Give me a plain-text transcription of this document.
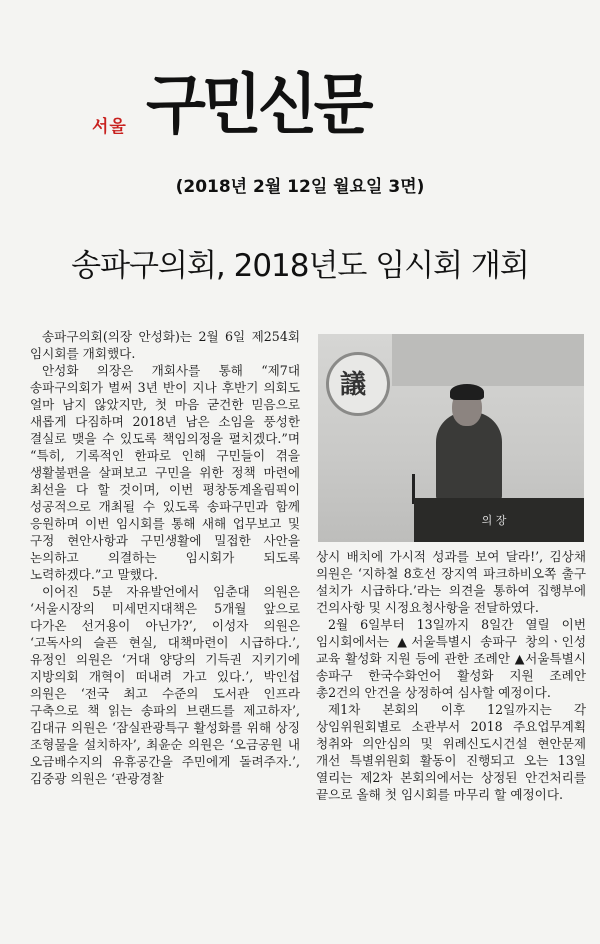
서울 구민신문
(2018년 2월 12일 월요일 3면)
송파구의회, 2018년도 임시회 개회

송파구의회(의장 안성화)는 2월 6일 제254회 임시회를 개회했다.

안성화 의장은 개회사를 통해 “제7대 송파구의회가 벌써 3년 반이 지나 후반기 의회도 얼마 남지 않았지만, 첫 마음 굳건한 믿음으로 새롭게 다짐하며 2018년 남은 소임을 풍성한 결실로 맺을 수 있도록 책임의정을 펼치겠다.”며 “특히, 기록적인 한파로 인해 구민들이 겪을 생활불편을 살펴보고 구민을 위한 정책 마련에 최선을 다 할 것이며, 이번 평창동계올림픽이 성공적으로 개최될 수 있도록 송파구민과 함께 응원하며 이번 임시회를 통해 새해 업무보고 및 구정 현안사항과 구민생활에 밀접한 사안을 논의하고 의결하는 임시회가 되도록 노력하겠다.”고 말했다.

이어진 5분 자유발언에서 임춘대 의원은 ‘서울시장의 미세먼지대책은 5개월 앞으로 다가온 선거용이 아닌가?’, 이성자 의원은 ‘고독사의 슬픈 현실, 대책마련이 시급하다.’, 유정인 의원은 ‘거대 양당의 기득권 지키기에 지방의회 개혁이 떠내려 가고 있다.’, 박인섭 의원은 ‘전국 최고 수준의 도서관 인프라 구축으로 책 읽는 송파의 브랜드를 제고하자’, 김대규 의원은 ‘잠실관광특구 활성화를 위해 상징 조형물을 설치하자’, 최윤순 의원은 ‘오금공원 내 오금배수지의 유휴공간을 주민에게 돌려주자.’, 김중광 의원은 ‘관광경찰

議
의 장

상시 배치에 가시적 성과를 보여 달라!’, 김상채 의원은 ‘지하철 8호선 장지역 파크하비오쪽 출구 설치가 시급하다.’라는 의견을 통하여 집행부에 건의사항 및 시정요청사항을 전달하였다.

2월 6일부터 13일까지 8일간 열릴 이번 임시회에서는 ▲서울특별시 송파구 창의ㆍ인성 교육 활성화 지원 등에 관한 조례안 ▲서울특별시 송파구 한국수화언어 활성화 지원 조례안 총2건의 안건을 상정하여 심사할 예정이다.

제1차 본회의 이후 12일까지는 각 상임위원회별로 소관부서 2018 주요업무계획 청취와 의안심의 및 위례신도시건설 현안문제 개선 특별위원회 활동이 진행되고 오는 13일 열리는 제2차 본회의에서는 상정된 안건처리를 끝으로 올해 첫 임시회를 마무리 할 예정이다.
